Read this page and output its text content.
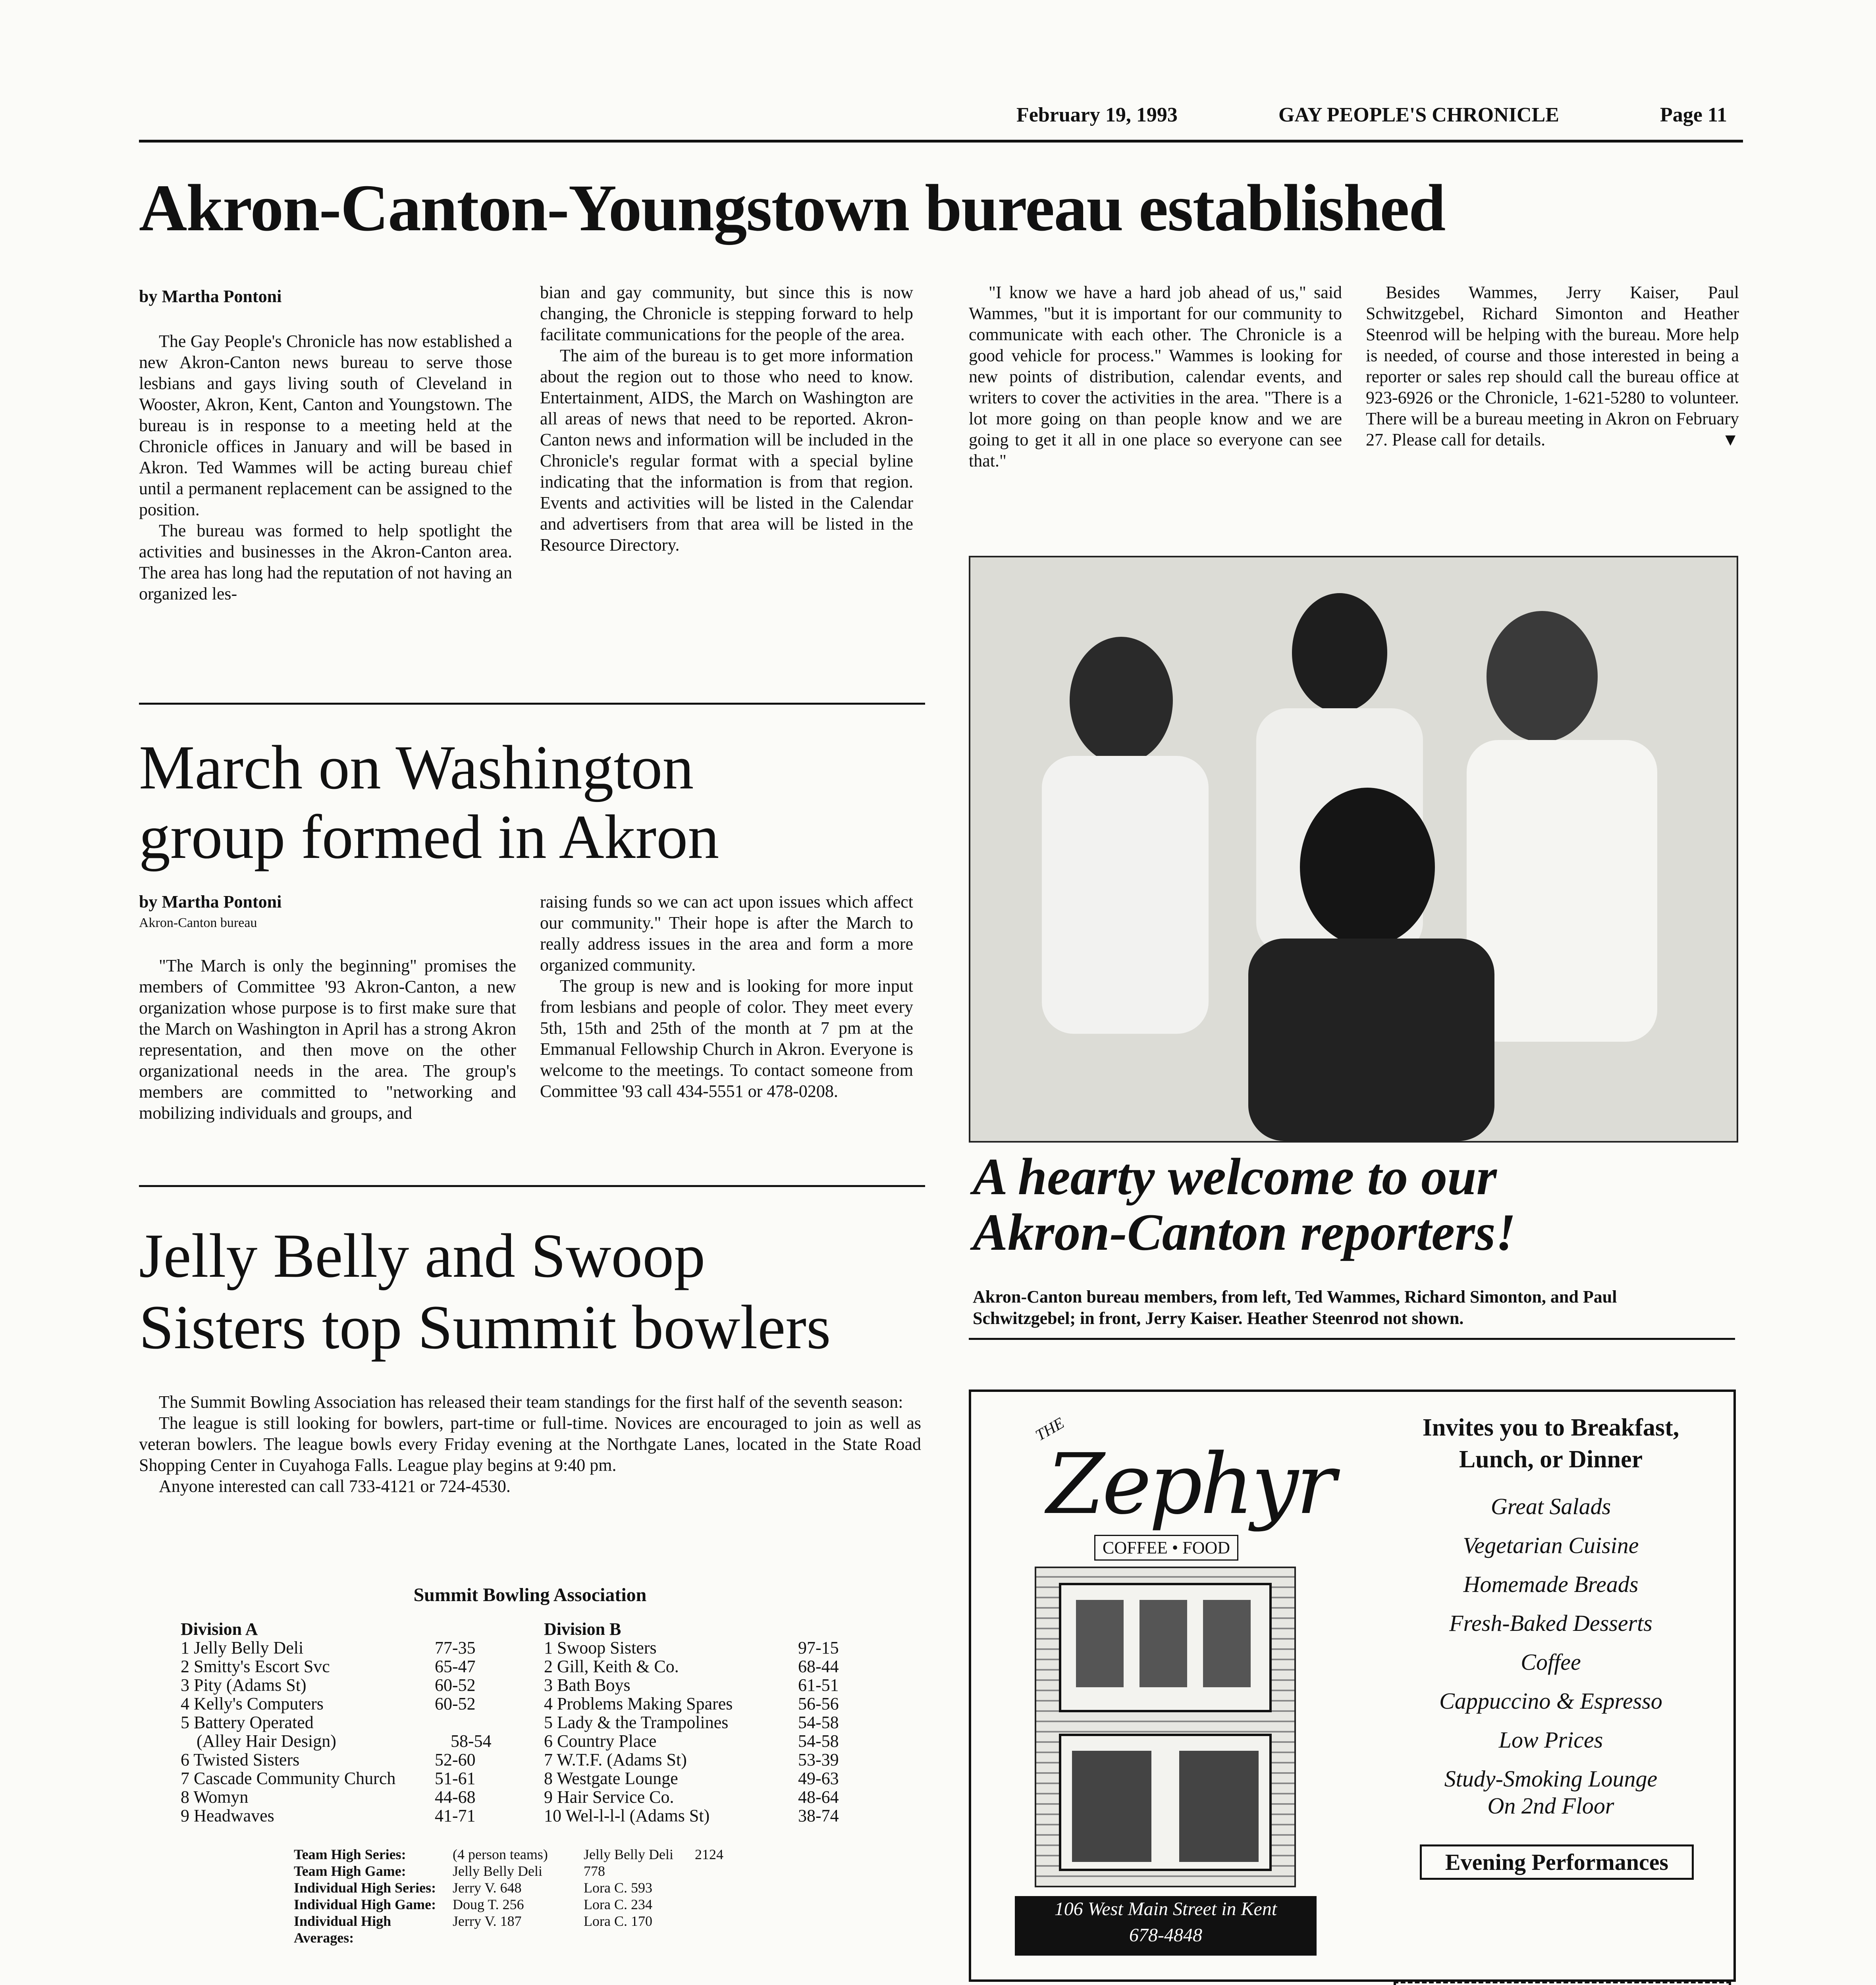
February 19, 1993	GAY PEOPLE'S CHRONICLE	Page 11
Akron-Canton-Youngstown bureau established

by Martha Pontoni

The Gay People's Chronicle has now established a new Akron-Canton news bureau to serve those lesbians and gays living south of Cleveland in Wooster, Akron, Kent, Canton and Youngstown. The bureau is in response to a meeting held at the Chronicle offices in January and will be based in Akron. Ted Wammes will be acting bureau chief until a permanent replacement can be assigned to the position.

The bureau was formed to help spotlight the activities and businesses in the Akron-Canton area. The area has long had the reputation of not having an organized les-

bian and gay community, but since this is now changing, the Chronicle is stepping forward to help facilitate communications for the people of the area.

The aim of the bureau is to get more information about the region out to those who need to know. Entertainment, AIDS, the March on Washington are all areas of news that need to be reported. Akron-Canton news and information will be included in the Chronicle's regular format with a special byline indicating that the information is from that region. Events and activities will be listed in the Calendar and advertisers from that area will be listed in the Resource Directory.

"I know we have a hard job ahead of us," said Wammes, "but it is important for our community to communicate with each other. The Chronicle is a good vehicle for process." Wammes is looking for new points of distribution, calendar events, and writers to cover the activities in the area. "There is a lot more going on than people know and we are going to get it all in one place so everyone can see that."

Besides Wammes, Jerry Kaiser, Paul Schwitzgebel, Richard Simonton and Heather Steenrod will be helping with the bureau. More help is needed, of course and those interested in being a reporter or sales rep should call the bureau office at 923-6926 or the Chronicle, 1-621-5280 to volunteer. There will be a bureau meeting in Akron on February 27. Please call for details.	▼
A hearty welcome to our
Akron-Canton reporters!
Akron-Canton bureau members, from left, Ted Wammes, Richard Simonton, and Paul Schwitzgebel; in front, Jerry Kaiser. Heather Steenrod not shown.
March on Washington
group formed in Akron

by Martha Pontoni

Akron-Canton bureau

"The March is only the beginning" promises the members of Committee '93 Akron-Canton, a new organization whose purpose is to first make sure that the March on Washington in April has a strong Akron representation, and then move on the other organizational needs in the area. The group's members are committed to "networking and mobilizing individuals and groups, and

raising funds so we can act upon issues which affect our community." Their hope is after the March to really address issues in the area and form a more organized community.

The group is new and is looking for more input from lesbians and people of color. They meet every 5th, 15th and 25th of the month at 7 pm at the Emmanual Fellowship Church in Akron. Everyone is welcome to the meetings. To contact someone from Committee '93 call 434-5551 or 478-0208.

Jelly Belly and Swoop
Sisters top Summit bowlers

The Summit Bowling Association has released their team standings for the first half of the seventh season:

The league is still looking for bowlers, part-time or full-time. Novices are encouraged to join as well as veteran bowlers. The league bowls every Friday evening at the Northgate Lanes, located in the State Road Shopping Center in Cuyahoga Falls. League play begins at 9:40 pm.

Anyone interested can call 733-4121 or 724-4530.

Summit Bowling Association
Division A
1 Jelly Belly Deli	77-35
2 Smitty's Escort Svc	65-47
3 Pity (Adams St)	60-52
4 Kelly's Computers	60-52
5 Battery Operated
(Alley Hair Design)	58-54
6 Twisted Sisters	52-60
7 Cascade Community Church	51-61
8 Womyn	44-68
9 Headwaves	41-71
Division B
1 Swoop Sisters	97-15
2 Gill, Keith & Co.	68-44
3 Bath Boys	61-51
4 Problems Making Spares	56-56
5 Lady & the Trampolines	54-58
6 Country Place	54-58
7 W.T.F. (Adams St)	53-39
8 Westgate Lounge	49-63
9 Hair Service Co.	48-64
10 Wel-l-l-l (Adams St)	38-74
Team High Series:	(4 person teams)	Jelly Belly Deli	2124
Team High Game:	Jelly Belly Deli	778
Individual High Series:	Jerry V. 648	Lora C. 593
Individual High Game:	Doug T. 256	Lora C. 234
Individual High Averages:
Jerry V. 187	Lora C. 170
THE
Zephyr
COFFEE • FOOD
106 West Main Street in Kent
678-4848
Invites you to Breakfast, Lunch, or Dinner
Great Salads
Vegetarian Cuisine
Homemade Breads
Fresh-Baked Desserts
Coffee
Cappuccino & Espresso
Low Prices
Study-Smoking Lounge
On 2nd Floor
Evening Performances
